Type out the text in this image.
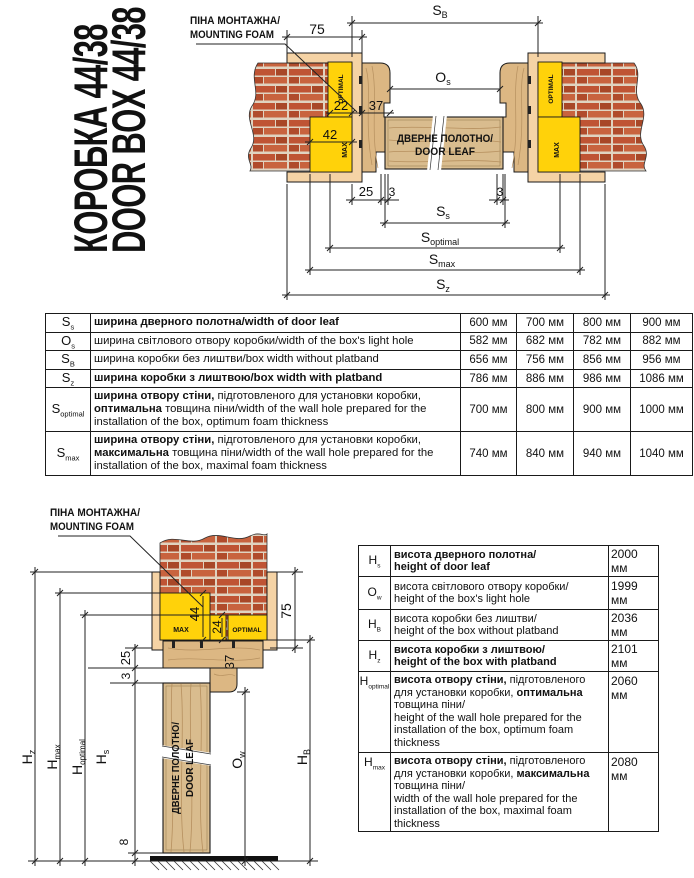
КОРОБКА 44/38
DOOR BOX 44/38	OPTIMAL
MAX
OPTIMAL
MAX
ДВЕРНЕ ПОЛОТНО/
DOOR LEAF
ПІНА МОНТАЖНА/
MOUNTING FOAM	75
$S_B$
$O_s$
22 37
42
25 3	3
$S_s$
$S_{optimal}$
$S_{max}$
$S_z$
MAX	OPTIMAL
ДВЕРНЕ ПОЛОТНО/ DOOR LEAF
ПІНА МОНТАЖНА/
MOUNTING FOAM
44
24
75
25
3
37
8
$H_z$
$H_{max}$
$H_{optimal}$ $H_s$
$O_w$
$H_B$
$S_s$	ширина дверного полотна/width of door leaf	600 мм	700 мм	800 мм	900 мм
$O_s$	ширина світлового отвору коробки/width of the box's light hole	582 мм	682 мм	782 мм	882 мм
$S_B$	ширина коробки без лиштви/box width without platband	656 мм	756 мм	856 мм	956 мм
$S_z$	ширина коробки з лиштвою/box width with platband	786 мм	886 мм	986 мм	1086 мм
$S_{optimal}$	ширина отвору стіни, підготовленого для установки коробки, оптимальна товщина піни/width of the wall hole prepared for the installation of the box, optimum foam thickness	700 мм	800 мм	900 мм	1000 мм
$S_{max}$	ширина отвору стіни, підготовленого для установки коробки, максимальна товщина піни/width of the wall hole prepared for the installation of the box, maximal foam thickness	740 мм	840 мм	940 мм	1040 мм
$H_s$	висота дверного полотна/
height of door leaf	2000 мм
$O_w$	висота світлового отвору коробки/
height of the box's light hole	1999 мм
$H_B$	висота коробки без лиштви/
height of the box without platband	2036 мм
$H_z$	висота коробки з лиштвою/
height of the box with platband	2101 мм
$H_{optimal}$	висота отвору стіни, підготовленого для установки коробки, оптимальна товщина піни/
height of the wall hole prepared for the installation of the box, optimum foam thickness	2060 мм
$H_{max}$	висота отвору стіни, підготовленого для установки коробки, максимальна товщина піни/
width of the wall hole prepared for the installation of the box, maximal foam thickness	2080 мм
